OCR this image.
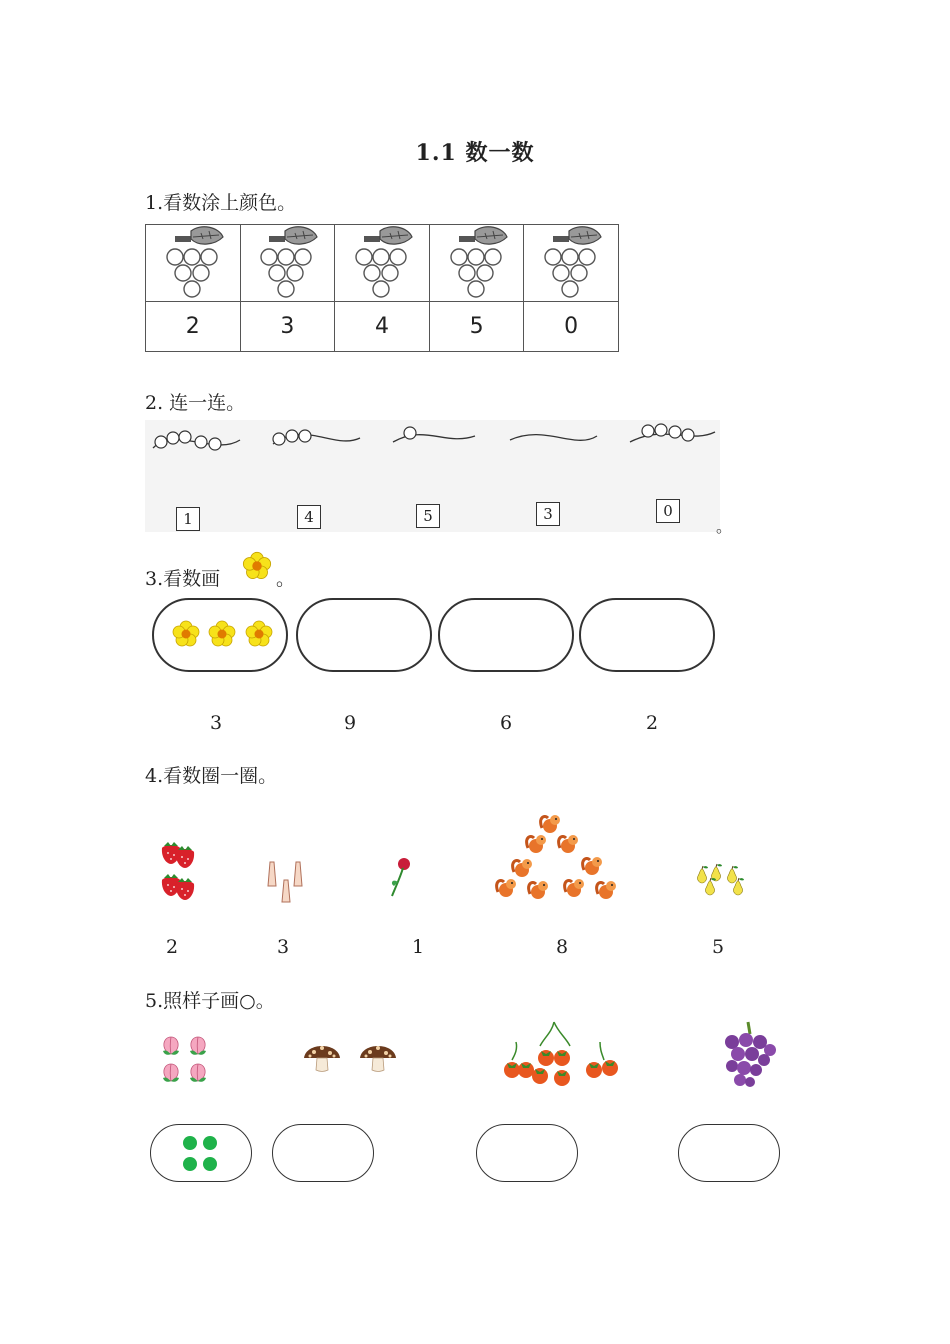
1.1 数一数
1.看数涂上颜色。
2	3	4	5	0
2. 连一连。
1	4	5	3	0
。
3.看数画	。
3	9	6	2
4.看数圈一圈。
2	3	1	8	5
5.照样子画○。
